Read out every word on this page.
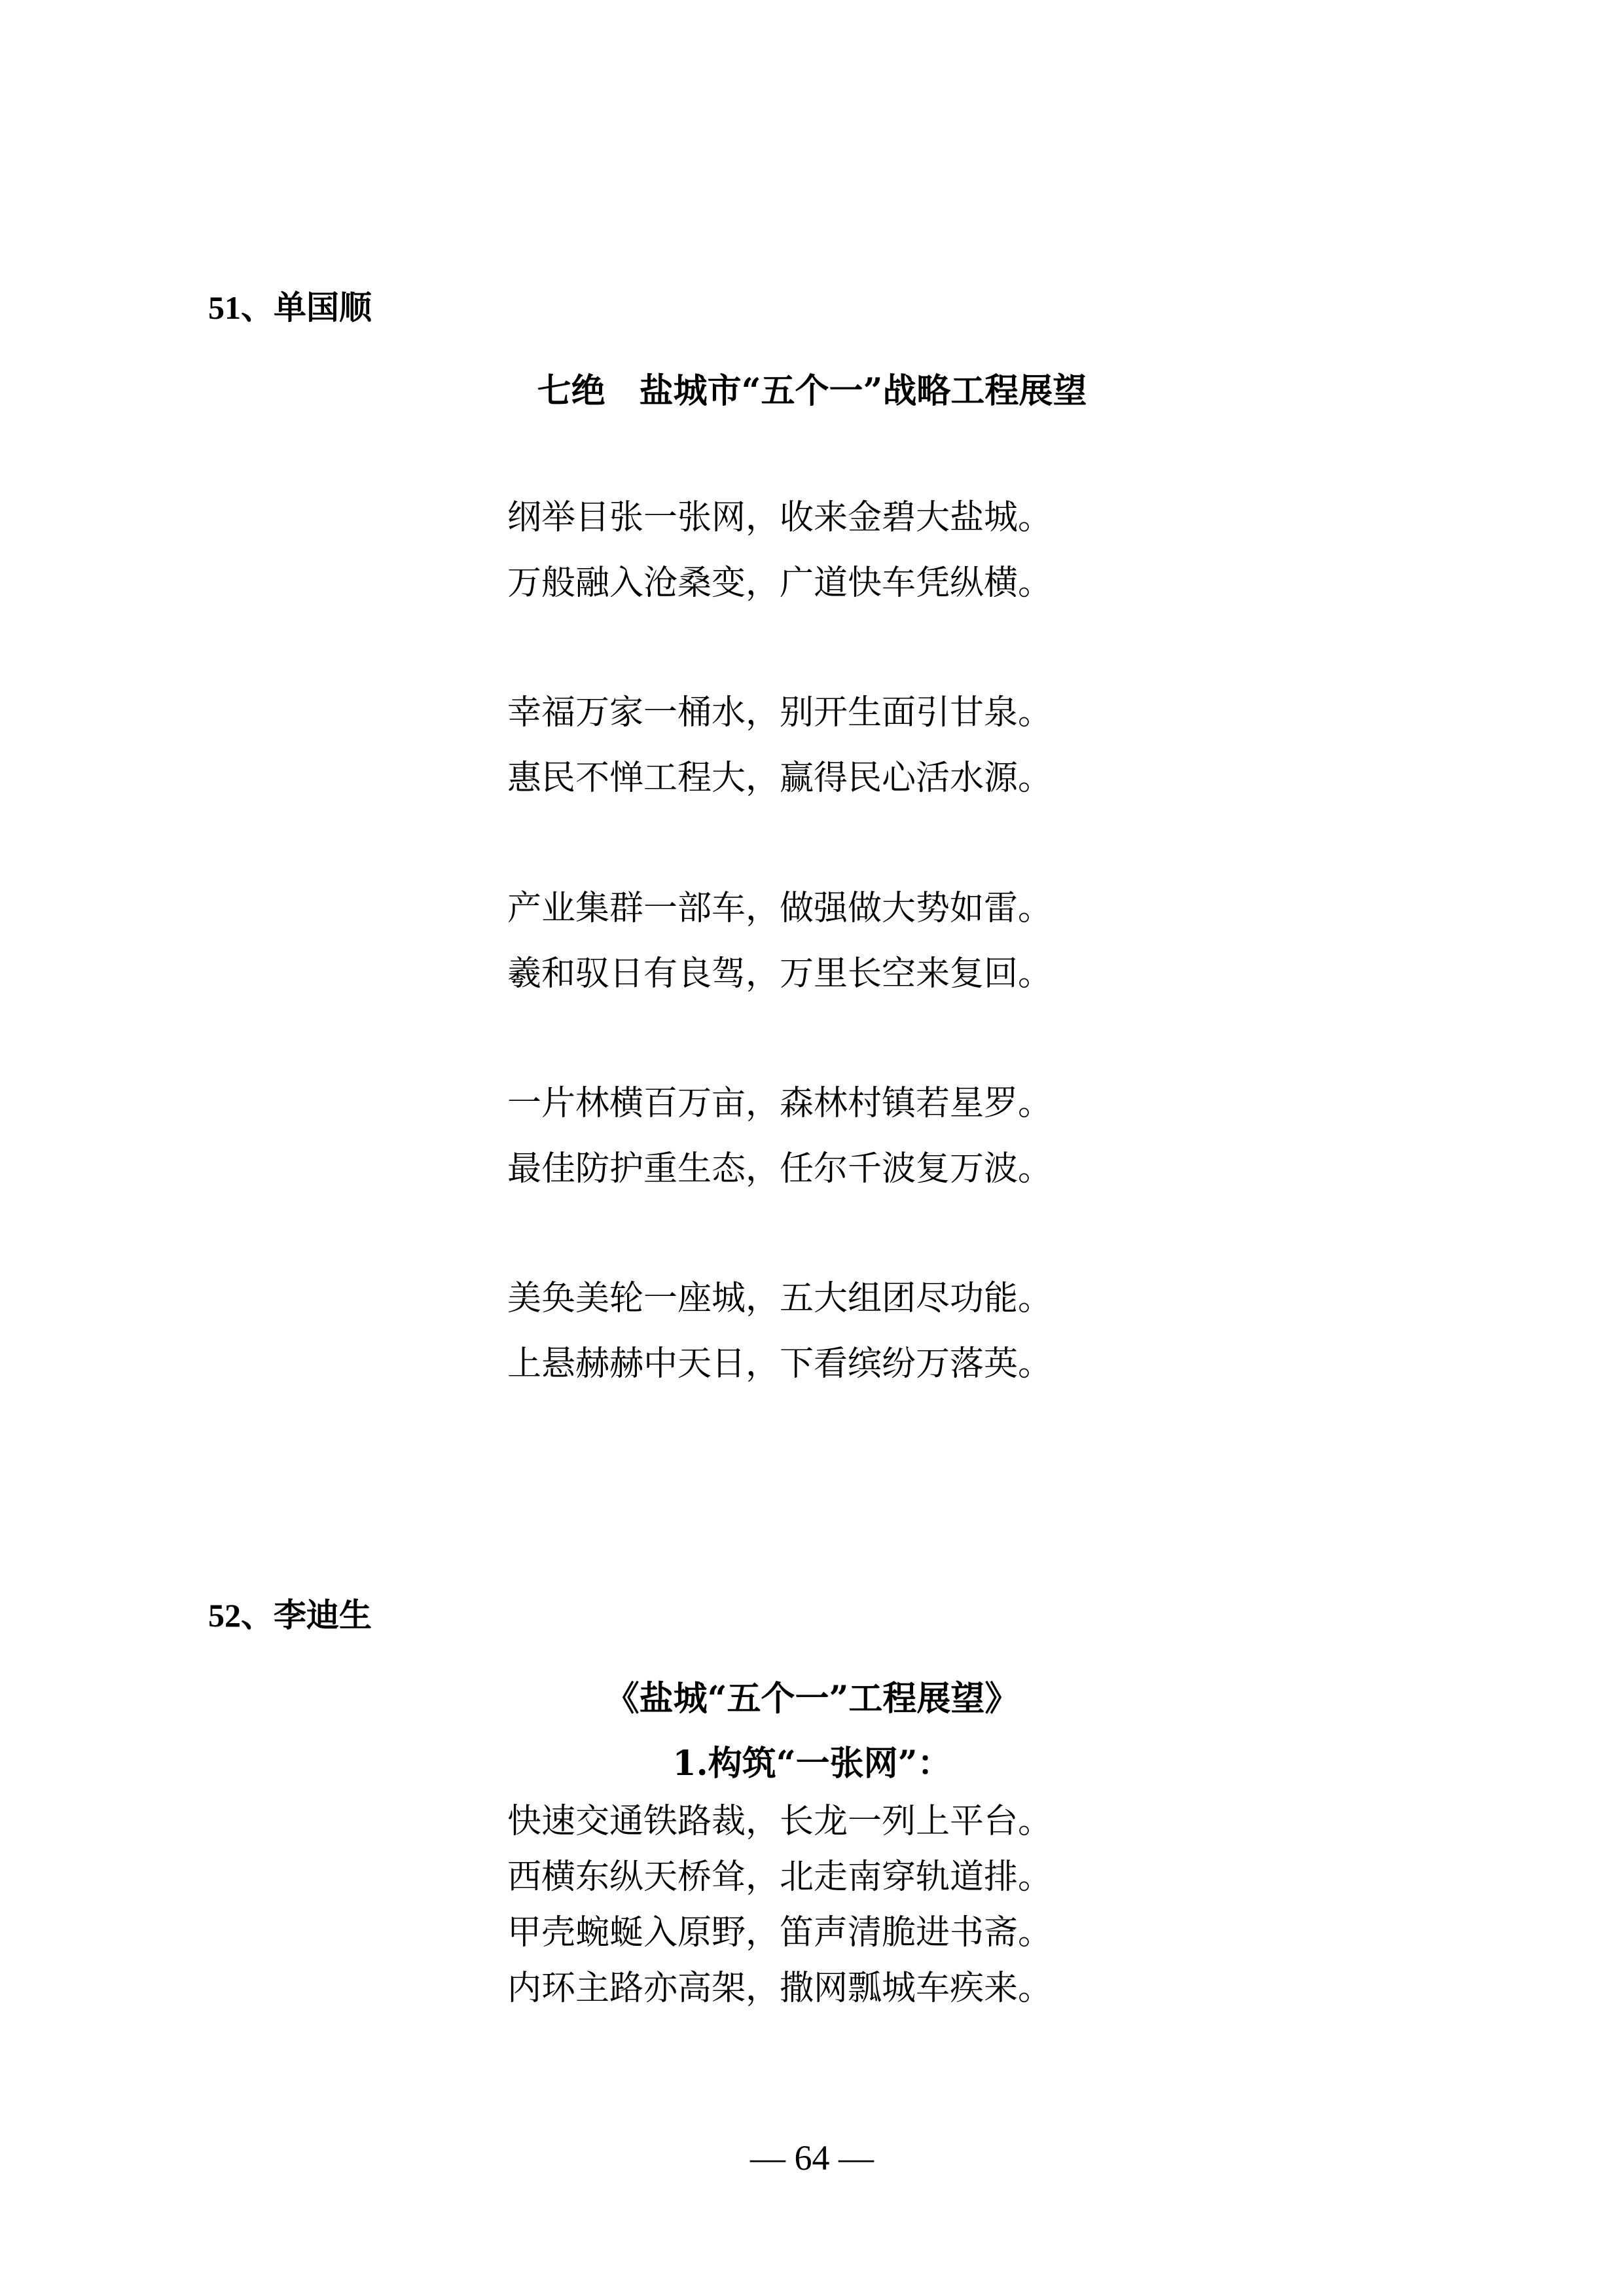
51、单国顺
七绝　盐城市“五个一”战略工程展望
纲举目张一张网，收来金碧大盐城。
万般融入沧桑变，广道快车凭纵横。
幸福万家一桶水，别开生面引甘泉。
惠民不惮工程大，赢得民心活水源。
产业集群一部车，做强做大势如雷。
羲和驭日有良驾，万里长空来复回。
一片林横百万亩，森林村镇若星罗。
最佳防护重生态，任尔千波复万波。
美奂美轮一座城，五大组团尽功能。
上悬赫赫中天日，下看缤纷万落英。
52、李迪生
《盐城“五个一”工程展望》
1.构筑“一张网”：
快速交通铁路裁，长龙一列上平台。
西横东纵天桥耸，北走南穿轨道排。
甲壳蜿蜒入原野，笛声清脆进书斋。
内环主路亦高架，撒网瓢城车疾来。
— 64 —
